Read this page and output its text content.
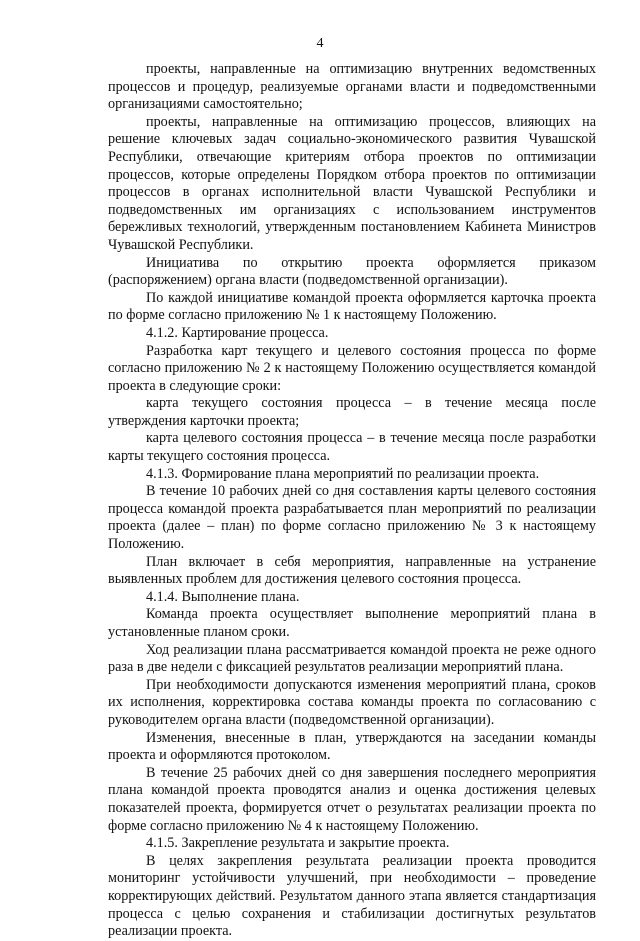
4

проекты, направленные на оптимизацию внутренних ведомственных процессов и процедур, реализуемые органами власти и подведомственными организациями самостоятельно;

проекты, направленные на оптимизацию процессов, влияющих на решение ключевых задач социально-экономического развития Чувашской Республики, отвечающие критериям отбора проектов по оптимизации процессов, которые определены Порядком отбора проектов по оптимизации процессов в органах исполнительной власти Чувашской Республики и подведомственных им организациях с использованием инструментов бережливых технологий, утвержденным постановлением Кабинета Министров Чувашской Республики.

Инициатива по открытию проекта оформляется приказом (распоряжением) органа власти (подведомственной организации).

По каждой инициативе командой проекта оформляется карточка проекта по форме согласно приложению № 1 к настоящему Положению.

4.1.2. Картирование процесса.

Разработка карт текущего и целевого состояния процесса по форме согласно приложению № 2 к настоящему Положению осуществляется командой проекта в следующие сроки:

карта текущего состояния процесса – в течение месяца после утверждения карточки проекта;

карта целевого состояния процесса – в течение месяца после разработки карты текущего состояния процесса.

4.1.3. Формирование плана мероприятий по реализации проекта.

В течение 10 рабочих дней со дня составления карты целевого состояния процесса командой проекта разрабатывается план мероприятий по реализации проекта (далее – план) по форме согласно приложению № 3 к настоящему Положению.

План включает в себя мероприятия, направленные на устранение выявленных проблем для достижения целевого состояния процесса.

4.1.4. Выполнение плана.

Команда проекта осуществляет выполнение мероприятий плана в установленные планом сроки.

Ход реализации плана рассматривается командой проекта не реже одного раза в две недели с фиксацией результатов реализации мероприятий плана.

При необходимости допускаются изменения мероприятий плана, сроков их исполнения, корректировка состава команды проекта по согласованию с руководителем органа власти (подведомственной организации).

Изменения, внесенные в план, утверждаются на заседании команды проекта и оформляются протоколом.

В течение 25 рабочих дней со дня завершения последнего мероприятия плана командой проекта проводятся анализ и оценка достижения целевых показателей проекта, формируется отчет о результатах реализации проекта по форме согласно приложению № 4 к настоящему Положению.

4.1.5. Закрепление результата и закрытие проекта.

В целях закрепления результата реализации проекта проводится мониторинг устойчивости улучшений, при необходимости – проведение корректирующих действий. Результатом данного этапа является стандартизация процесса с целью сохранения и стабилизации достигнутых результатов реализации проекта.
